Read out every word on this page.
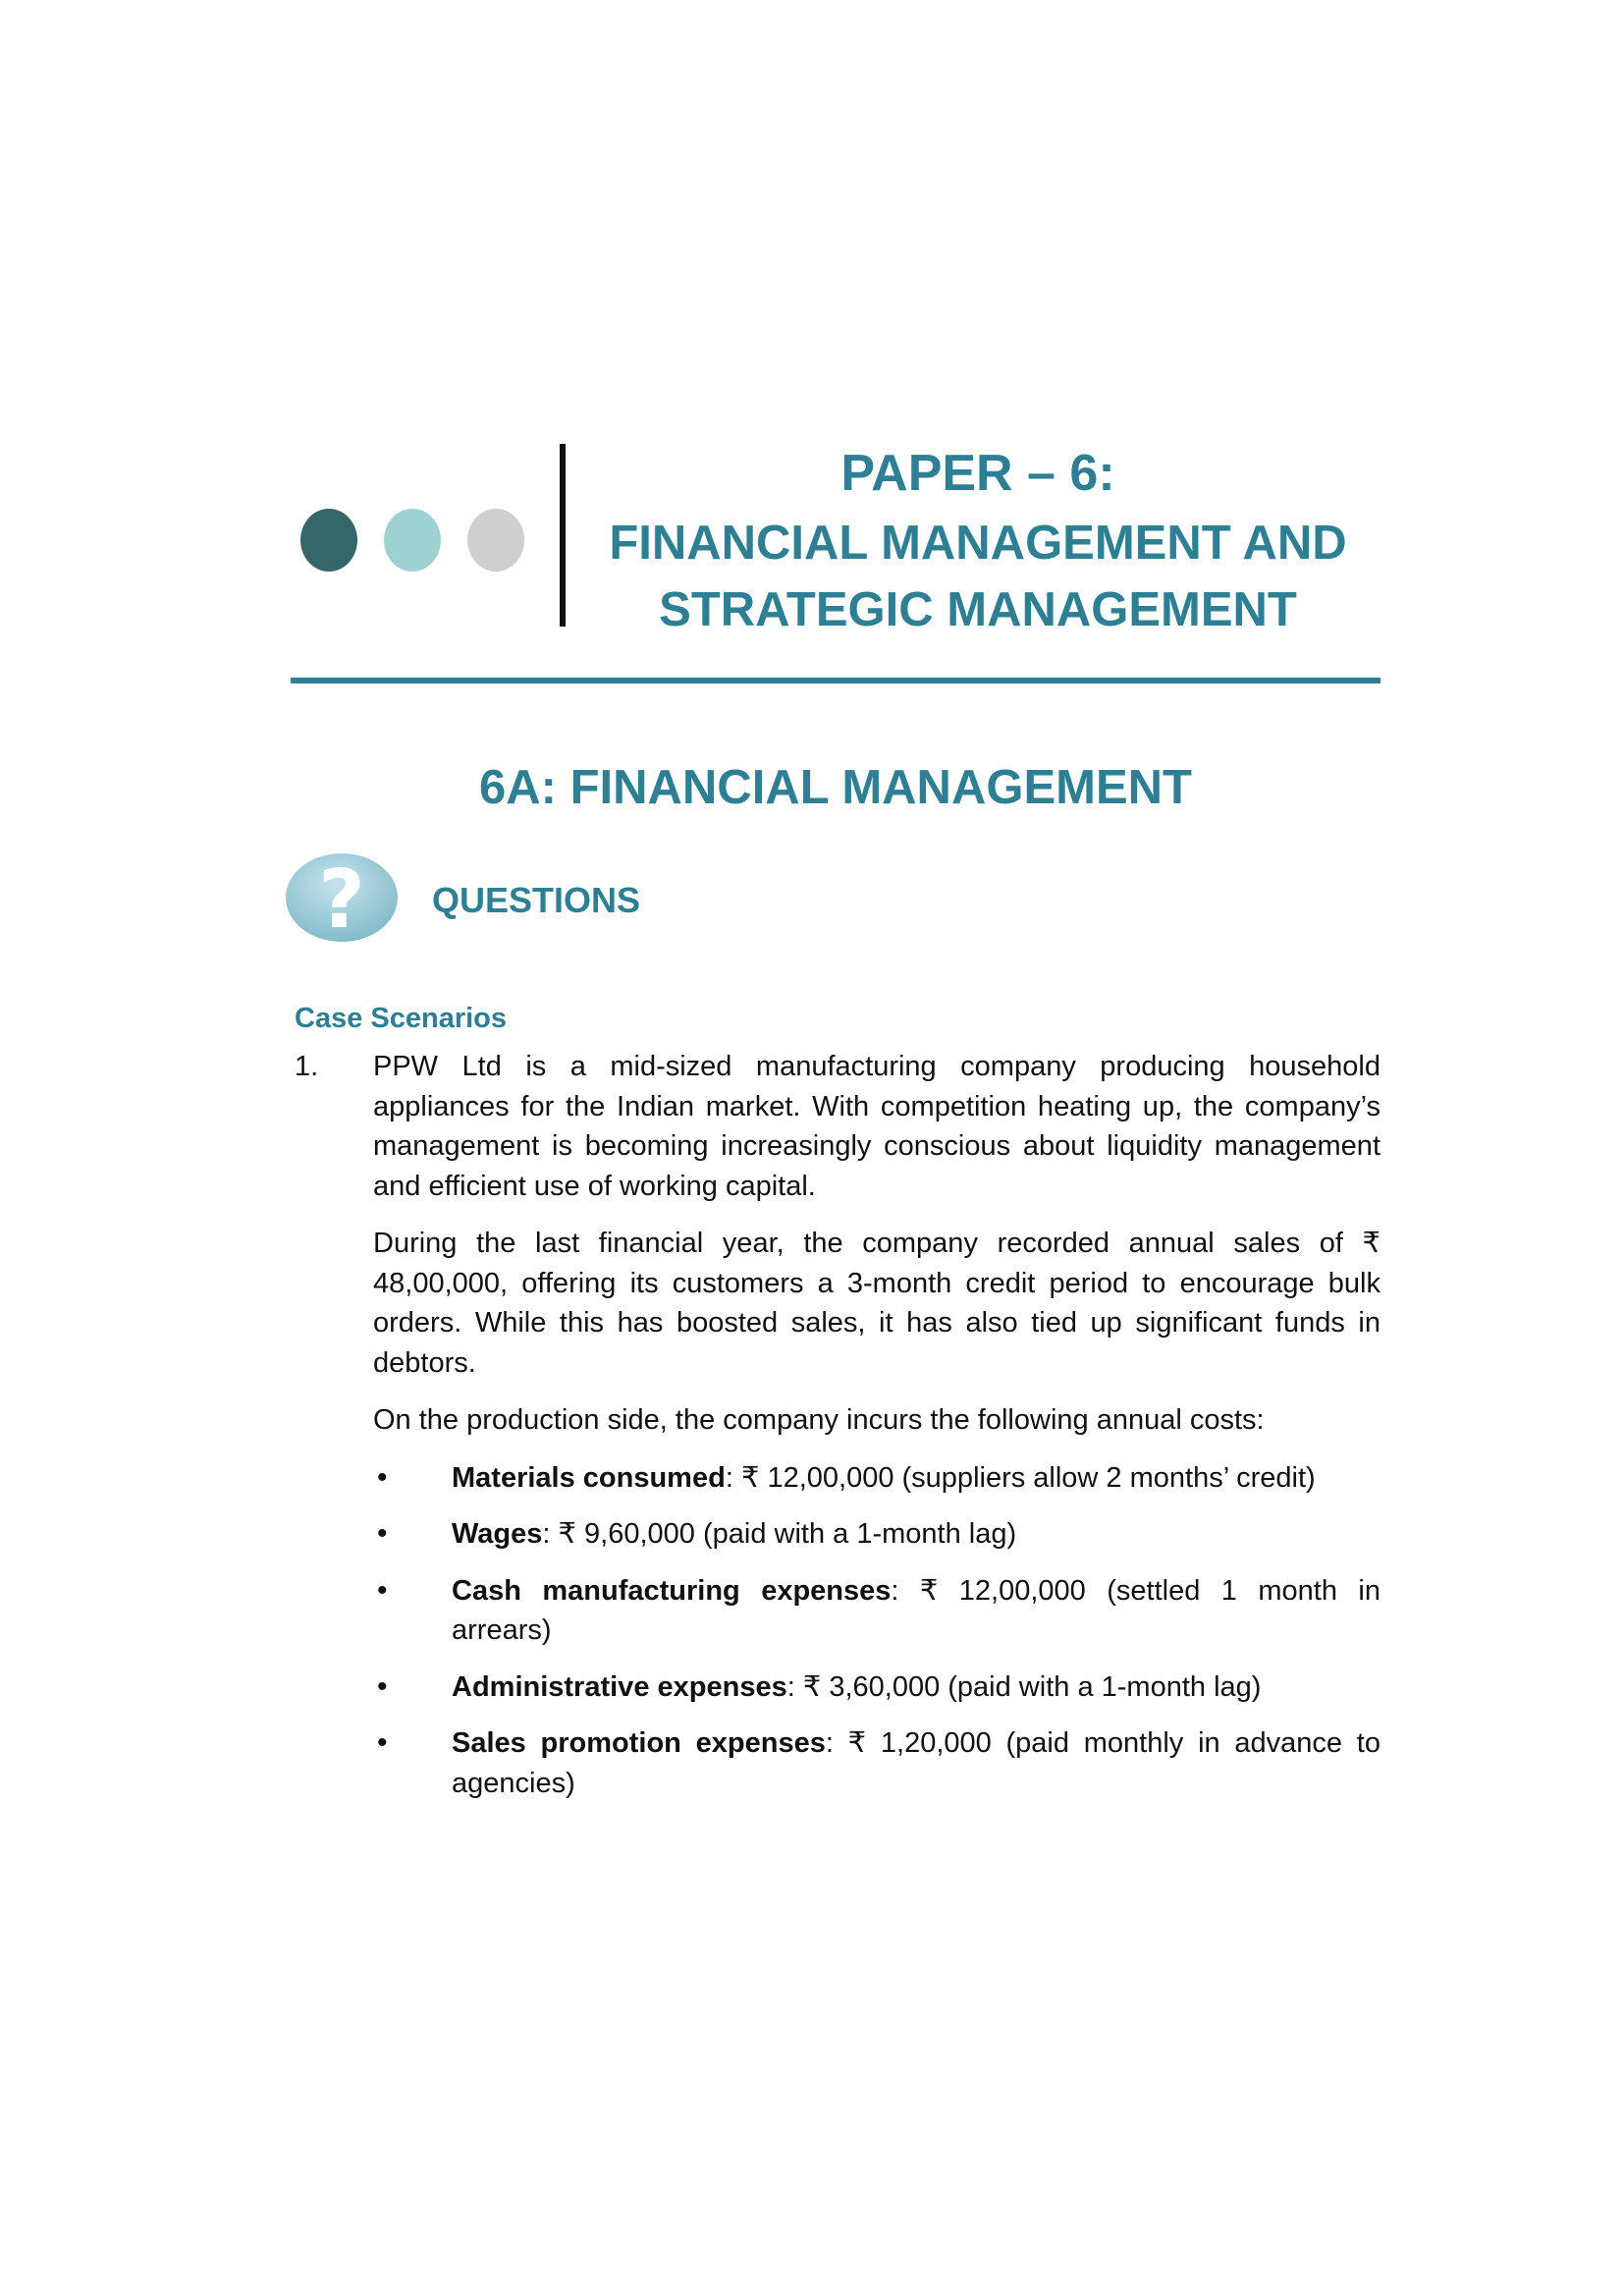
PAPER – 6:
FINANCIAL MANAGEMENT AND
STRATEGIC MANAGEMENT
6A: FINANCIAL MANAGEMENT
? QUESTIONS
Case Scenarios
1.	PPW Ltd is a mid-sized manufacturing company producing household appliances for the Indian market. With competition heating up, the company’s management is becoming increasingly conscious about liquidity management and efficient use of working capital.

During the last financial year, the company recorded annual sales of ₹ 48,00,000, offering its customers a 3-month credit period to encourage bulk orders. While this has boosted sales, it has also tied up significant funds in debtors.

On the production side, the company incurs the following annual costs:

• Materials consumed: ₹ 12,00,000 (suppliers allow 2 months’ credit)
• Wages: ₹ 9,60,000 (paid with a 1-month lag)
• Cash manufacturing expenses: ₹ 12,00,000 (settled 1 month in arrears)
• Administrative expenses: ₹ 3,60,000 (paid with a 1-month lag)
• Sales promotion expenses: ₹ 1,20,000 (paid monthly in advance to agencies)
